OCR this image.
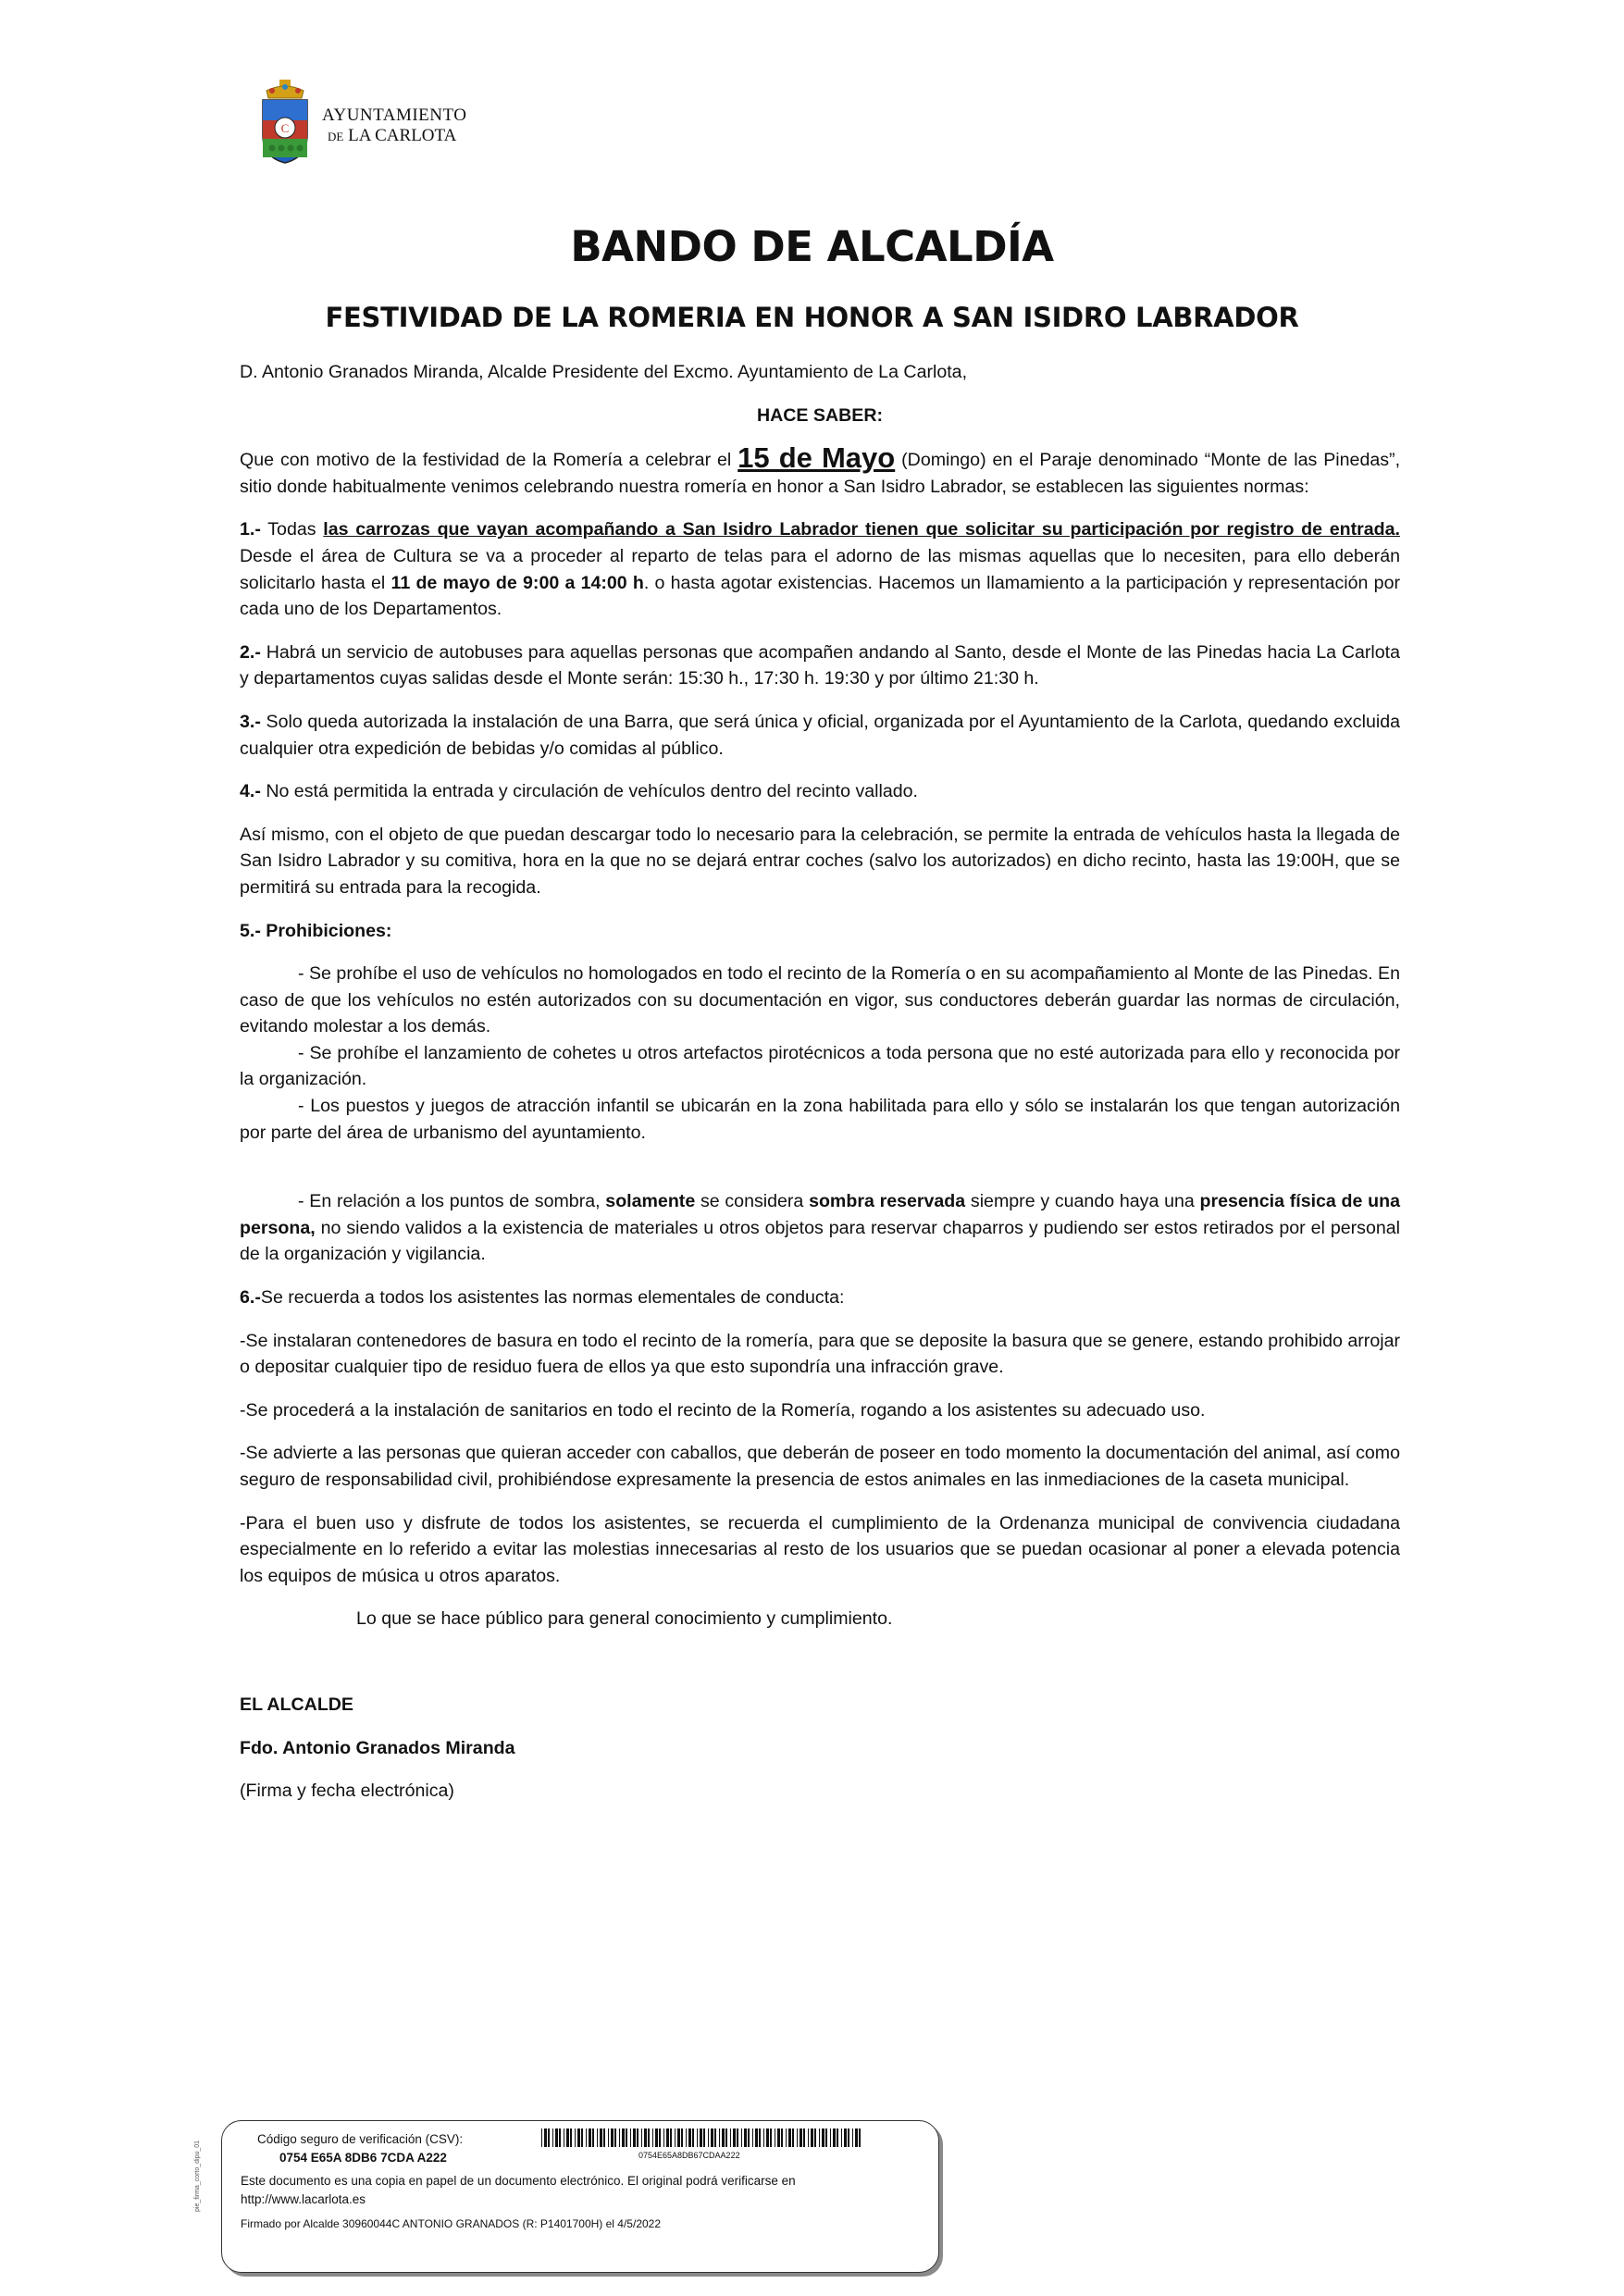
C
AYUNTAMIENTO
DE LA CARLOTA
BANDO DE ALCALDÍA
FESTIVIDAD DE LA ROMERIA EN HONOR A SAN ISIDRO LABRADOR

D. Antonio Granados Miranda, Alcalde Presidente del Excmo. Ayuntamiento de La Carlota,

HACE SABER:

Que con motivo de la festividad de la Romería a celebrar el 15 de Mayo (Domingo) en el Paraje denominado “Monte de las Pinedas”, sitio donde habitualmente venimos celebrando nuestra romería en honor a San Isidro Labrador, se establecen las siguientes normas:

1.- Todas las carrozas que vayan acompañando a San Isidro Labrador tienen que solicitar su participación por registro de entrada. Desde el área de Cultura se va a proceder al reparto de telas para el adorno de las mismas aquellas que lo necesiten, para ello deberán solicitarlo hasta el 11 de mayo de 9:00 a 14:00 h. o hasta agotar existencias. Hacemos un llamamiento a la participación y representación por cada uno de los Departamentos.

2.- Habrá un servicio de autobuses para aquellas personas que acompañen andando al Santo, desde el Monte de las Pinedas hacia La Carlota y departamentos cuyas salidas desde el Monte serán: 15:30 h., 17:30 h. 19:30 y por último 21:30 h.

3.- Solo queda autorizada la instalación de una Barra, que será única y oficial, organizada por el Ayuntamiento de la Carlota, quedando excluida cualquier otra expedición de bebidas y/o comidas al público.

4.- No está permitida la entrada y circulación de vehículos dentro del recinto vallado.

Así mismo, con el objeto de que puedan descargar todo lo necesario para la celebración, se permite la entrada de vehículos hasta la llegada de San Isidro Labrador y su comitiva, hora en la que no se dejará entrar coches (salvo los autorizados) en dicho recinto, hasta las 19:00H, que se permitirá su entrada para la recogida.

5.- Prohibiciones:

- Se prohíbe el uso de vehículos no homologados en todo el recinto de la Romería o en su acompañamiento al Monte de las Pinedas. En caso de que los vehículos no estén autorizados con su documentación en vigor, sus conductores deberán guardar las normas de circulación, evitando molestar a los demás.

- Se prohíbe el lanzamiento de cohetes u otros artefactos pirotécnicos a toda persona que no esté autorizada para ello y reconocida por la organización.

- Los puestos y juegos de atracción infantil se ubicarán en la zona habilitada para ello y sólo se instalarán los que tengan autorización por parte del área de urbanismo del ayuntamiento.

- En relación a los puntos de sombra, solamente se considera sombra reservada siempre y cuando haya una presencia física de una persona, no siendo validos a la existencia de materiales u otros objetos para reservar chaparros y pudiendo ser estos retirados por el personal de la organización y vigilancia.

6.-Se recuerda a todos los asistentes las normas elementales de conducta:

-Se instalaran contenedores de basura en todo el recinto de la romería, para que se deposite la basura que se genere, estando prohibido arrojar o depositar cualquier tipo de residuo fuera de ellos ya que esto supondría una infracción grave.

-Se procederá a la instalación de sanitarios en todo el recinto de la Romería, rogando a los asistentes su adecuado uso.

-Se advierte a las personas que quieran acceder con caballos, que deberán de poseer en todo momento la documentación del animal, así como seguro de responsabilidad civil, prohibiéndose expresamente la presencia de estos animales en las inmediaciones de la caseta municipal.

-Para el buen uso y disfrute de todos los asistentes, se recuerda el cumplimiento de la Ordenanza municipal de convivencia ciudadana especialmente en lo referido a evitar las molestias innecesarias al resto de los usuarios que se puedan ocasionar al poner a elevada potencia los equipos de música u otros aparatos.

Lo que se hace público para general conocimiento y cumplimiento.

EL ALCALDE

Fdo. Antonio Granados Miranda

(Firma y fecha electrónica)

pie_firma_corto_dipu_01
Código seguro de verificación (CSV):
0754 E65A 8DB6 7CDA A222	0754E65A8DB67CDAA222
Este documento es una copia en papel de un documento electrónico. El original podrá verificarse en http://www.lacarlota.es
Firmado por Alcalde 30960044C ANTONIO GRANADOS (R: P1401700H) el 4/5/2022
